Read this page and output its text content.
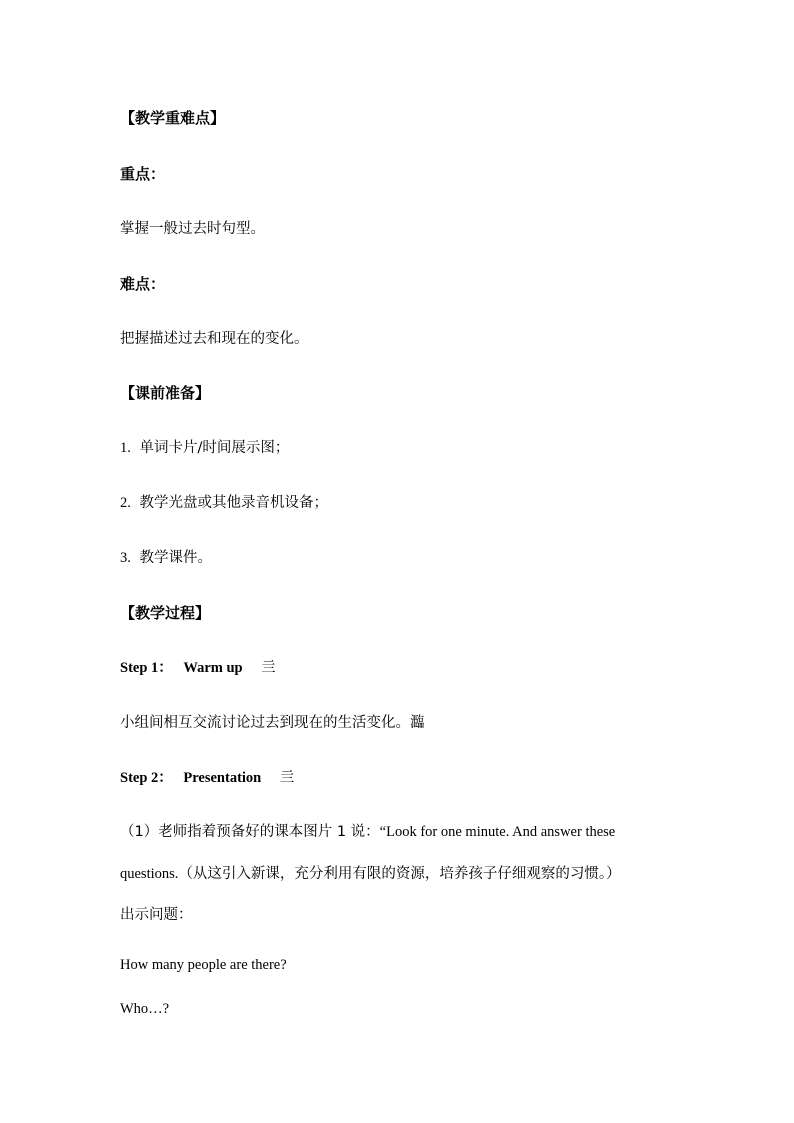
【教学重难点】
重点：
掌握一般过去时句型。
难点：
把握描述过去和现在的变化。
【课前准备】
1. 单词卡片/时间展示图；
2. 教学光盘或其他录音机设备；
3. 教学课件。
【教学过程】
Step 1： Warm up 亖
小组间相互交流讨论过去到现在的生活变化。瀶
Step 2： Presentation 亖
（1）老师指着预备好的课本图片 1 说：“Look for one minute. And answer these
questions.（从这引入新课，充分利用有限的资源，培养孩子仔细观察的习惯。）
出示问题：
How many people are there?
Who…?
